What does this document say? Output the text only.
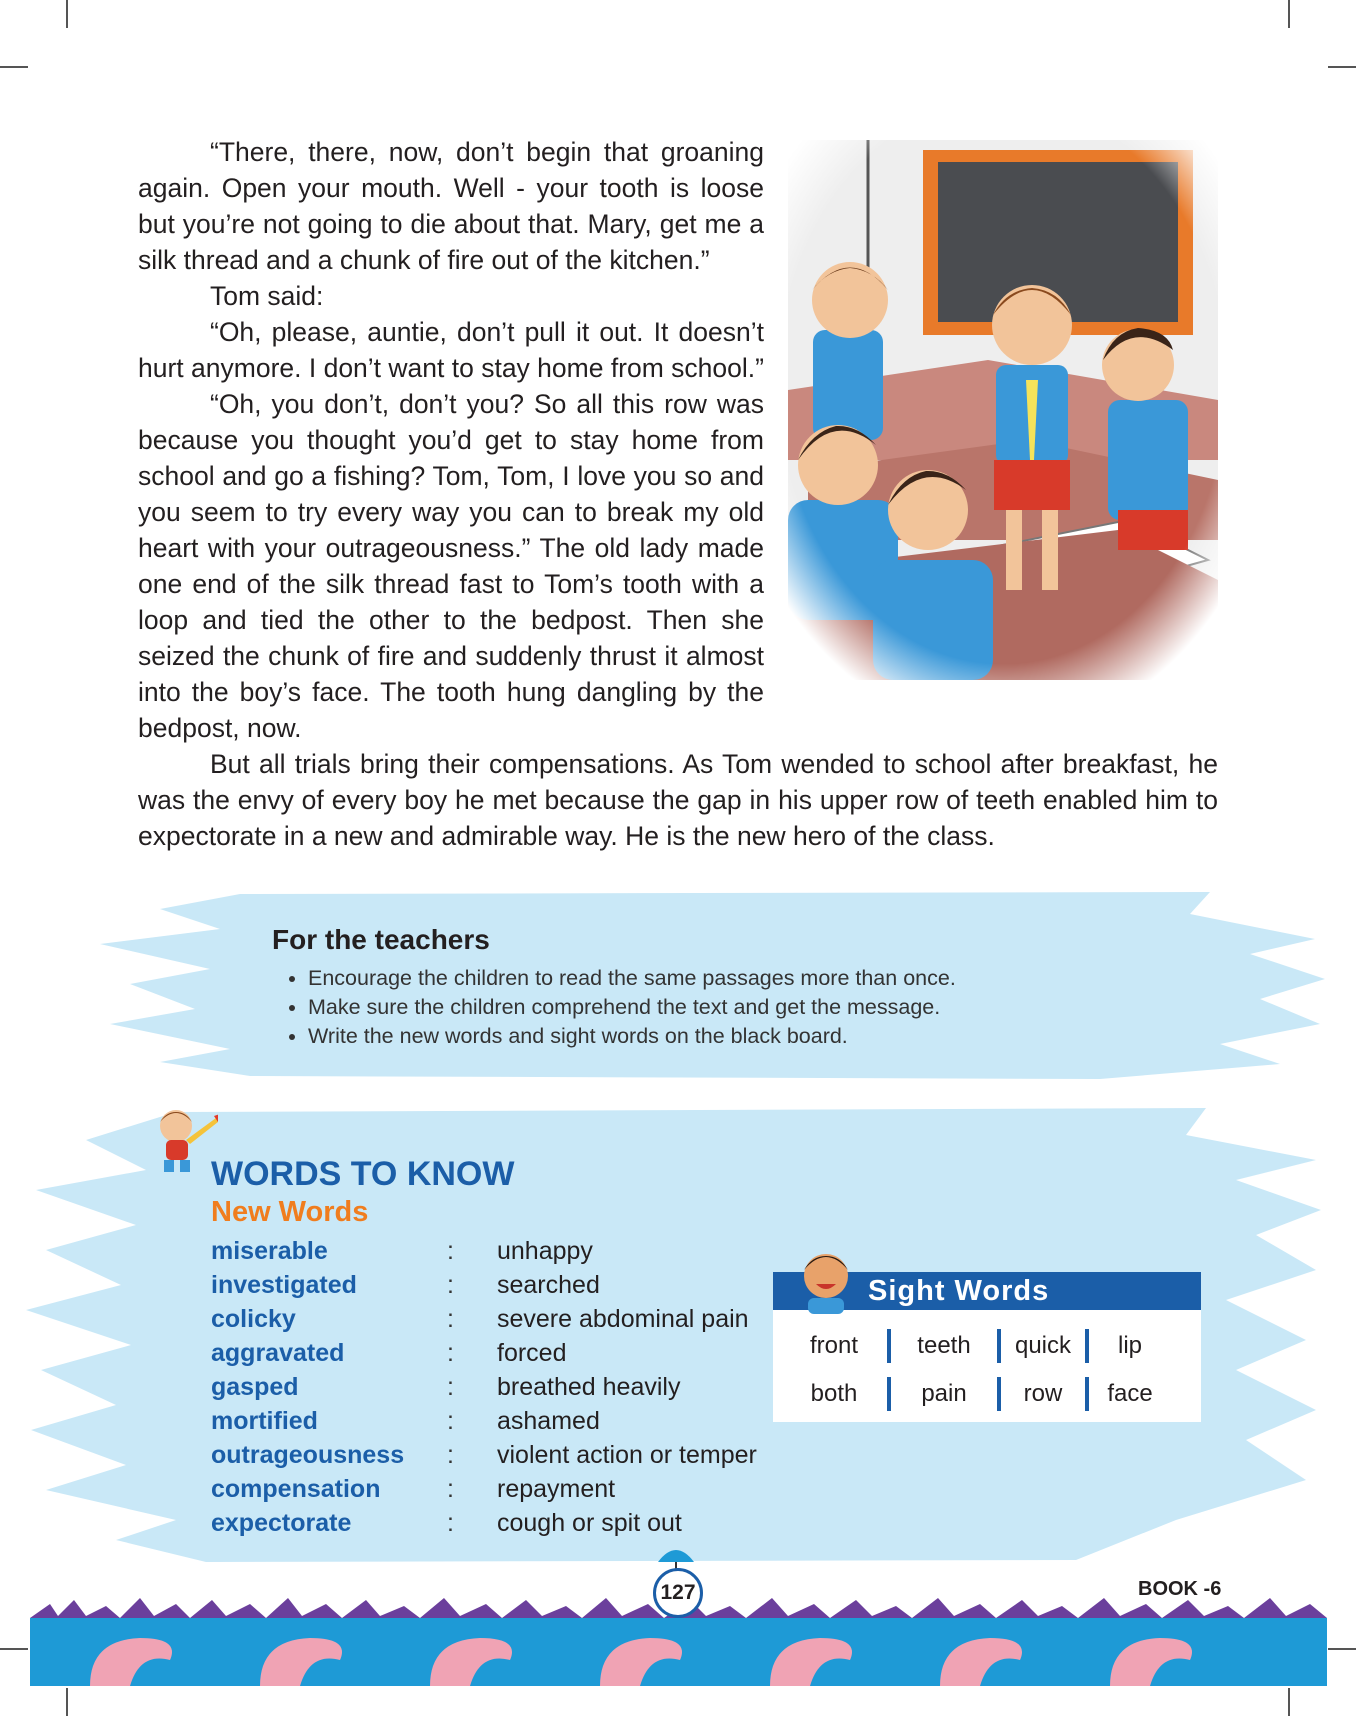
“There, there, now, don’t begin that groaning again. Open your mouth. Well - your tooth is loose but you’re not going to die about that. Mary, get me a silk thread and a chunk of fire out of the kitchen.”

Tom said:

“Oh, please, auntie, don’t pull it out. It doesn’t hurt anymore. I don’t want to stay home from school.”

“Oh, you don’t, don’t you? So all this row was because you thought you’d get to stay home from school and go a fishing? Tom, Tom, I love you so and you seem to try every way you can to break my old heart with your outrageousness.” The old lady made one end of the silk thread fast to Tom’s tooth with a loop and tied the other to the bedpost. Then she seized the chunk of fire and suddenly thrust it almost into the boy’s face. The tooth hung dangling by the bedpost, now.

But all trials bring their compensations. As Tom wended to school after breakfast, he was the envy of every boy he met because the gap in his upper row of teeth enabled him to expectorate in a new and admirable way. He is the new hero of the class.

For the teachers
• Encourage the children to read the same passages more than once.
• Make sure the children comprehend the text and get the message.
• Write the new words and sight words on the black board.
WORDS TO KNOW
New Words
miserable	:	unhappy
investigated	:	searched
colicky	:	severe abdominal pain
aggravated	:	forced
gasped	:	breathed heavily
mortified	:	ashamed
outrageousness	:	violent action or temper
compensation	:	repayment
expectorate	:	cough or spit out
Sight Words
front	teeth	quick	lip
both	pain	row	face
127	BOOK -6
